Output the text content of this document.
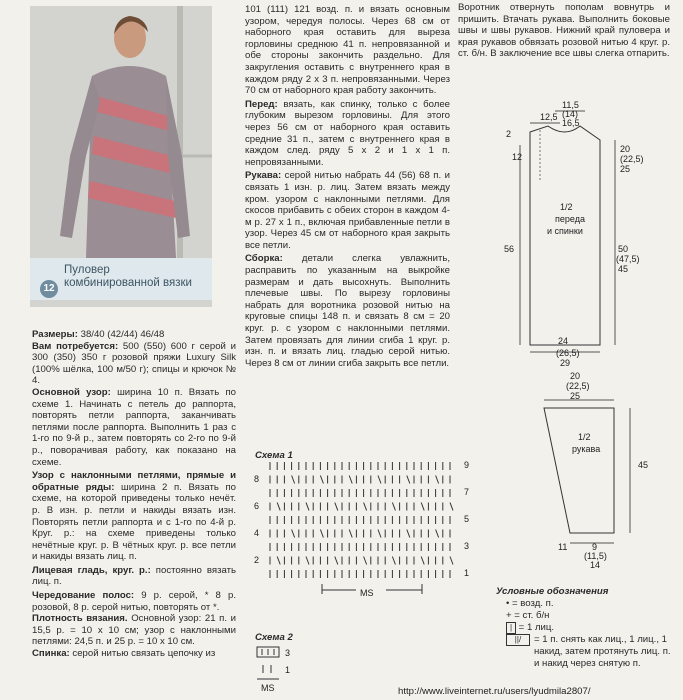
12
Пуловер комбинированной вязки

Размеры: 38/40 (42/44) 46/48

Вам потребуется: 500 (550) 600 г серой и 300 (350) 350 г розовой пряжи Luxury Silk (100% шёлка, 100 м/50 г); спицы и крючок № 4.

Основной узор: ширина 10 п. Вязать по схеме 1. Начинать с петель до раппорта, повторять петли раппорта, заканчивать петлями после раппорта. Выполнить 1 раз с 1-го по 9-й р., затем повторять со 2-го по 9-й р., поворачивая работу, как показано на схеме.

Узор с наклонными петлями, прямые и обратные ряды: ширина 2 п. Вязать по схеме, на которой приведены только нечёт. р. В изн. р. петли и накиды вязать изн. Повторять петли раппорта и с 1-го по 4-й р. Круг. р.: на схеме приведены только нечётные круг. р. В чётных круг. р. все петли и накиды вязать лиц. п.

Лицевая гладь, круг. р.: постоянно вязать лиц. п.

Чередование полос: 9 р. серой, * 8 р. розовой, 8 р. серой нитью, повторять от *.

Плотность вязания. Основной узор: 21 п. и 15,5 р. = 10 х 10 см; узор с наклонными петлями: 24,5 п. и 25 р. = 10 х 10 см.

Спинка: серой нитью связать цепочку из

101 (111) 121 возд. п. и вязать основным узором, чередуя полосы. Через 68 см от наборного края оставить для выреза горловины среднюю 41 п. непровязанной и обе стороны закончить раздельно. Для закругления оставить с внутреннего края в каждом ряду 2 х 3 п. непровязанными. Через 70 см от наборного края работу закончить.

Перед: вязать, как спинку, только с более глубоким вырезом горловины. Для этого через 56 см от наборного края оставить средние 31 п., затем с внутреннего края в каждом след. ряду 5 х 2 и 1 х 1 п. непровязанными.

Рукава: серой нитью набрать 44 (56) 68 п. и связать 1 изн. р. лиц. Затем вязать между кром. узором с наклонными петлями. Для скосов прибавить с обеих сторон в каждом 4-м р. 27 х 1 п., включая прибавленные петли в узор. Через 45 см от наборного края закрыть все петли.

Сборка: детали слегка увлажнить, расправить по указанным на выкройке размерам и дать высохнуть. Выполнить плечевые швы. По вырезу горловины набрать для воротника розовой нитью на круговые спицы 148 п. и связать 8 см = 20 круг. р. с узором с наклонными петлями. Затем провязать для линии сгиба 1 круг. р. изн. п. и вязать лиц. гладью серой нитью. Через 8 см от линии сгиба закрыть все петли.

Воротник отвернуть пополам вовнутрь и пришить. Втачать рукава. Выполнить боковые швы и швы рукавов. Нижний край пуловера и края рукавов обвязать розовой нитью 4 круг. р. ст. б/н. В заключение все швы слегка отпарить.

Схема 1
9
7
5
3
1
8
6
4
2
MS
Схема 2
3
1
MS
11,5
(14)
16,5
12,5
2
12
20
(22,5)
25
1/2
переда
и спинки
56	50
(47,5)
45
24
(26,5)
29
20
(22,5)
25
1/2
рукава
45
11	9
(11,5)
14
Условные обозначения
• = возд. п.
+ = ст. б/н
| = 1 лиц.
||/	= 1 п. снять как лиц., 1 лиц., 1 накид, затем протянуть лиц. п. и накид через снятую п.
http://www.liveinternet.ru/users/lyudmila2807/
